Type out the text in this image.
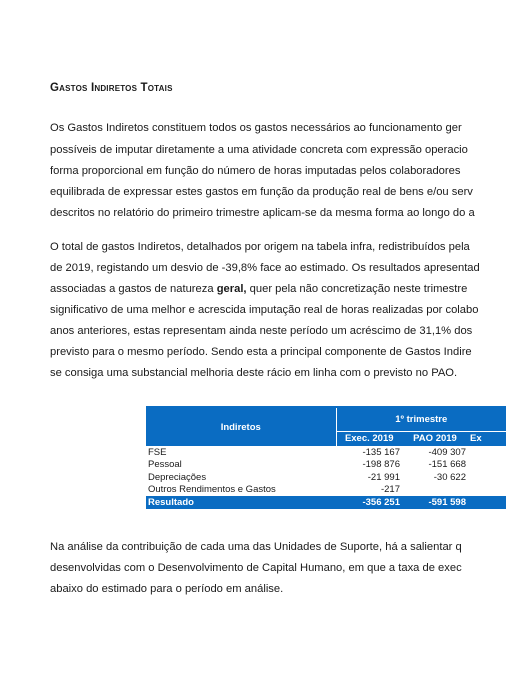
Gastos Indiretos Totais
Os Gastos Indiretos constituem todos os gastos necessários ao funcionamento ger
possíveis de imputar diretamente a uma atividade concreta com expressão operacio
forma proporcional em função do número de horas imputadas pelos colaboradores
equilibrada de expressar estes gastos em função da produção real de bens e/ou serv
descritos no relatório do primeiro trimestre aplicam-se da mesma forma ao longo do a
O total de gastos Indiretos, detalhados por origem na tabela infra, redistribuídos pela
de 2019, registando um desvio de -39,8% face ao estimado. Os resultados apresentad
associadas a gastos de natureza geral, quer pela não concretização neste trimestre
significativo de uma melhor e acrescida imputação real de horas realizadas por colabo
anos anteriores, estas representam ainda neste período um acréscimo de 31,1% dos
previsto para o mesmo período. Sendo esta a principal componente de Gastos Indire
se consiga uma substancial melhoria deste rácio em linha com o previsto no PAO.
Indiretos	1º trimestre		
	Exec. 2019	PAO 2019	Ex
FSE	-135 167	-409 307	
Pessoal	-198 876	-151 668	
Depreciações	-21 991	-30 622	
Outros Rendimentos e Gastos	-217		
Resultado	-356 251	-591 598	
Na análise da contribuição de cada uma das Unidades de Suporte, há a salientar q
desenvolvidas com o Desenvolvimento de Capital Humano, em que a taxa de exec
abaixo do estimado para o período em análise.
